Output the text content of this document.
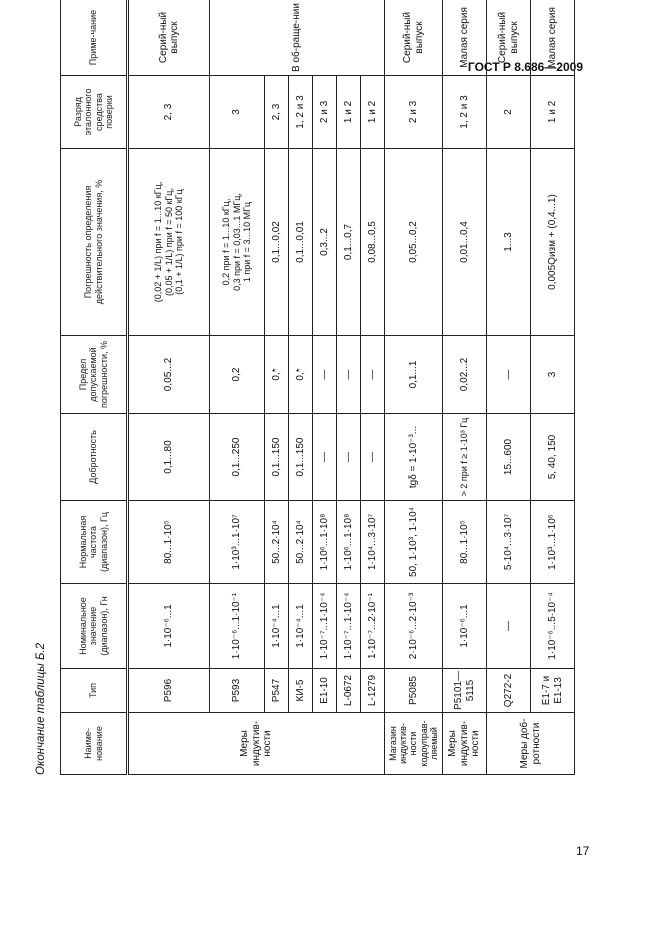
ГОСТ Р 8.686—2009
Окончание таблицы Б.2	Наиме-нование	Тип	Номинальное значение (диапазон), Гн	Нормальная частота (диапазон), Гц	Добротность	Предел допускаемой погрешности, %	Погрешность определения действительного значения, %	Разряд эталонного средства поверки	Приме-чание
Меры индуктив-ности	P596	1·10⁻⁶...1	80...1·10⁵	0,1...80	0,05...2	(0,02 + 1/L) при f = 1...10 кГц, (0,05 + 1/L) при f = 50 кГц, (0,1 + 1/L) при f = 100 кГц	2, 3	Серий-ный выпуск
	P593	1·10⁻⁶...1·10⁻¹	1·10³...1·10⁷	0,1...250	0,2	0,2 при f = 1...10 кГц, 0,3 при f = 0,03...1 МГц, 1 при f = 3...10 МГц	3	В об-раще-нии
	P547	1·10⁻⁴...1	50...2·10⁴	0,1...150	0,*	0,1...0,02	2, 3	
	КИ-5	1·10⁻⁴...1	50...2·10⁴	0,1...150	0,*	0,1...0,01	1, 2 и 3	
	E1-10	1·10⁻⁷...1·10⁻⁴	1·10⁶...1·10⁸	—	—	0,3...2	2 и 3	
	L-0672	1·10⁻⁷...1·10⁻⁴	1·10⁶...1·10⁸	—	—	0,1...0,7	1 и 2	
	L-1279	1·10⁻⁷...2·10⁻¹	1·10⁴...3·10⁷	—	—	0,08...0,5	1 и 2	
Магазин индуктив-ности кодоуправ-ляемый	P5085	2·10⁻⁶...2·10⁻³	50, 1·10³, 1·10⁴	tgδ = 1·10⁻³...	0,1...1	0,05...0,2	2 и 3	Серий-ный выпуск
Меры индуктив-ности	P5101—5115	1·10⁻⁶...1	80...1·10⁵	> 2 при f ≥ 1·10³ Гц	0,02...2	0,01...0,4	1, 2 и 3	Малая серия
Меры доб-ротности	Q272-2	—	5·10⁴...3·10⁷	15...600	—	1...3	2	Серий-ный выпуск
	E1-7 и E1-13	1·10⁻⁶...5·10⁻⁴	1·10³...1·10⁶	5, 40, 150	3	0,005Qизм + (0,4...1)	1 и 2	Малая серия
17
